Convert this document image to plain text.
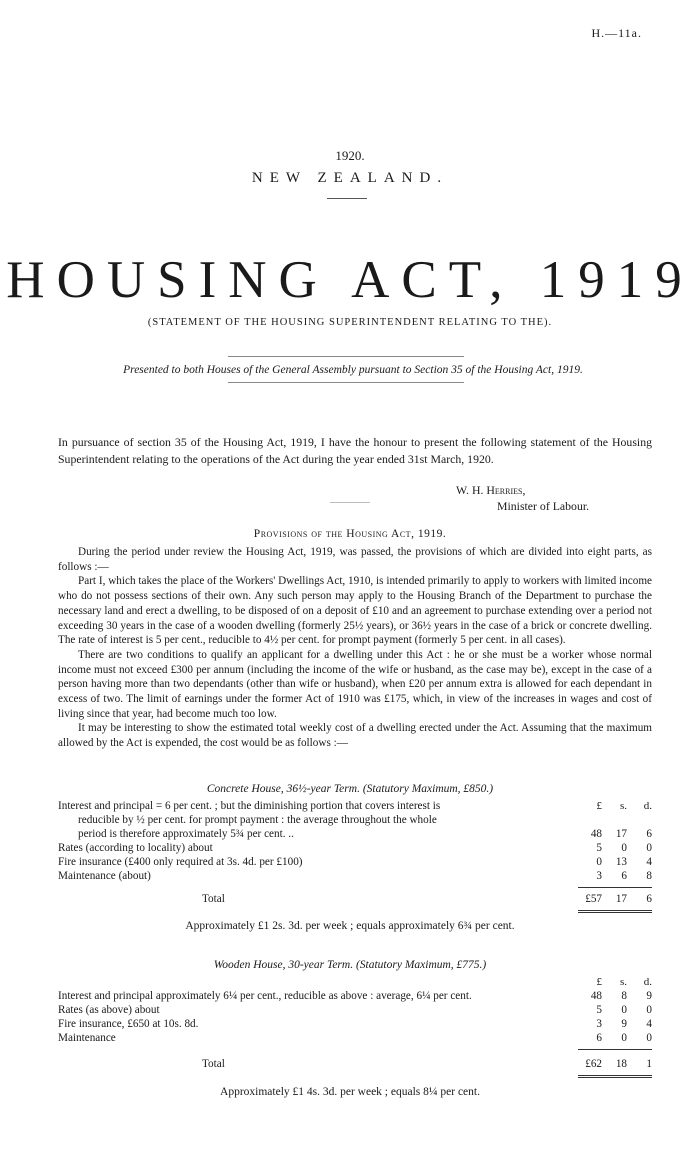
H.—11a.
1920.
NEW ZEALAND.
HOUSING ACT, 1919
(STATEMENT OF THE HOUSING SUPERINTENDENT RELATING TO THE).
Presented to both Houses of the General Assembly pursuant to Section 35 of the Housing Act, 1919.
In pursuance of section 35 of the Housing Act, 1919, I have the honour to present the following statement of the Housing Superintendent relating to the operations of the Act during the year ended 31st March, 1920.
W. H. Herries,
Minister of Labour.
Provisions of the Housing Act, 1919.

During the period under review the Housing Act, 1919, was passed, the provisions of which are divided into eight parts, as follows :—

Part I, which takes the place of the Workers' Dwellings Act, 1910, is intended primarily to apply to workers with limited income who do not possess sections of their own. Any such person may apply to the Housing Branch of the Department to purchase the necessary land and erect a dwelling, to be disposed of on a deposit of £10 and an agreement to purchase extending over a period not exceeding 30 years in the case of a wooden dwelling (formerly 25½ years), or 36½ years in the case of a brick or concrete dwelling. The rate of interest is 5 per cent., reducible to 4½ per cent. for prompt payment (formerly 5 per cent. in all cases).

There are two conditions to qualify an applicant for a dwelling under this Act : he or she must be a worker whose normal income must not exceed £300 per annum (including the income of the wife or husband, as the case may be), except in the case of a person having more than two dependants (other than wife or husband), when £20 per annum extra is allowed for each dependant in excess of two. The limit of earnings under the former Act of 1910 was £175, which, in view of the increases in wages and cost of living since that year, had become much too low.

It may be interesting to show the estimated total weekly cost of a dwelling erected under the Act. Assuming that the maximum allowed by the Act is expended, the cost would be as follows :—

Concrete House, 36½-year Term. (Statutory Maximum, £850.)
£	s.	d.
Interest and principal = 6 per cent. ; but the diminishing portion that covers interest is
reducible by ½ per cent. for prompt payment : the average throughout the whole
period is therefore approximately 5¾ per cent. ..	48	17	6
Rates (according to locality) about	5	0	0
Fire insurance (£400 only required at 3s. 4d. per £100)	0	13	4
Maintenance (about)	3	6	8
Total	£57	17	6
Approximately £1 2s. 3d. per week ; equals approximately 6¾ per cent.
Wooden House, 30-year Term. (Statutory Maximum, £775.)
£	s.	d.
Interest and principal approximately 6¼ per cent., reducible as above : average, 6¼ per cent.	48	8	9
Rates (as above) about	5	0	0
Fire insurance, £650 at 10s. 8d.	3	9	4
Maintenance	6	0	0
Total	£62	18	1
Approximately £1 4s. 3d. per week ; equals 8¼ per cent.
